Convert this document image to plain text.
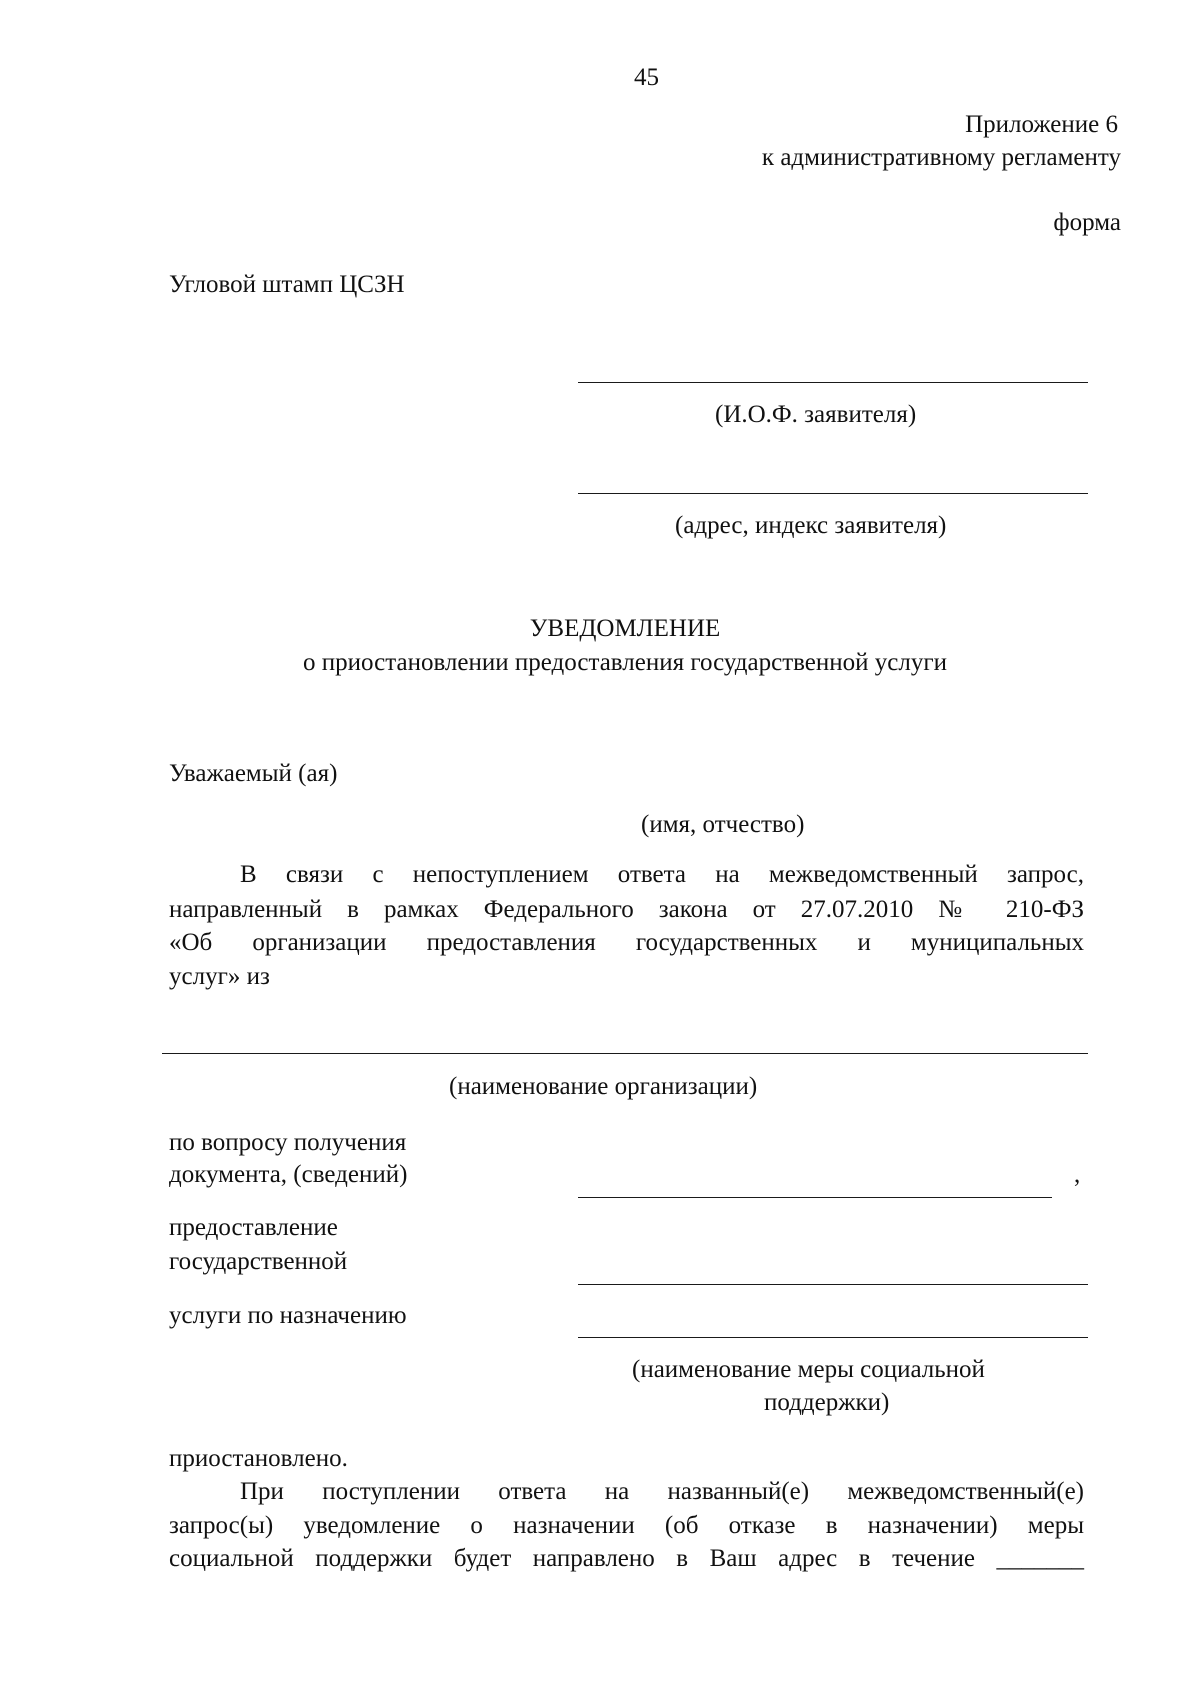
45
Приложение 6
к административному регламенту
форма
Угловой штамп ЦСЗН
(И.О.Ф. заявителя)
(адрес, индекс заявителя)
УВЕДОМЛЕНИЕ
о приостановлении предоставления государственной услуги
Уважаемый (ая)
(имя, отчество)
В связи с непоступлением ответа на межведомственный запрос,
направленный в рамках Федерального закона от 27.07.2010 № 210-ФЗ
«Об организации предоставления государственных и муниципальных
услуг» из
(наименование организации)
по вопросу получения
документа, (сведений)	,
предоставление
государственной
услуги по назначению
(наименование меры социальной
поддержки)
приостановлено.
При поступлении ответа на названный(е) межведомственный(е)
запрос(ы) уведомление о назначении (об отказе в назначении) меры
социальной поддержки будет направлено в Ваш адрес в течение _______
